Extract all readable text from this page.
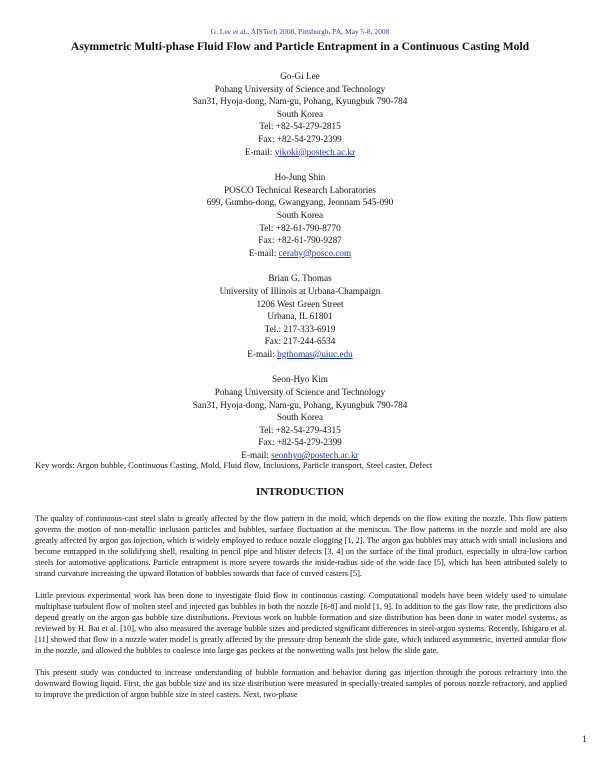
G. Lee et al., AISTech 2008, Pittsburgh, PA, May 5-8, 2008
Asymmetric Multi-phase Fluid Flow and Particle Entrapment in a Continuous Casting Mold
Go-Gi Lee
Pohang University of Science and Technology
San31, Hyoja-dong, Nam-gu, Pohang, Kyungbuk 790-784
South Korea
Tel: +82-54-279-2815
Fax: +82-54-279-2399
E-mail: yikoki@postech.ac.kr
Ho-Jung Shin
POSCO Technical Research Laboratories
699, Gumho-dong, Gwangyang, Jeonnam 545-090
South Korea
Tel: +82-61-790-8770
Fax: +82-61-790-9287
E-mail: ceraby@posco.com
Brian G. Thomas
University of Illinois at Urbana-Champaign
1206 West Green Street
Urbana, IL 61801
Tel.: 217-333-6919
Fax: 217-244-6534
E-mail: bgthomas@uiuc.edu
Seon-Hyo Kim
Pohang University of Science and Technology
San31, Hyoja-dong, Nam-gu, Pohang, Kyungbuk 790-784
South Korea
Tel: +82-54-279-4315
Fax: +82-54-279-2399
E-mail: seonhyo@postech.ac.kr
Key words: Argon bubble, Continuous Casting, Mold, Fluid flow, Inclusions, Particle transport, Steel caster, Defect
INTRODUCTION

The quality of continuous-cast steel slabs is greatly affected by the flow pattern in the mold, which depends on the flow exiting the nozzle. This flow pattern governs the motion of non-metallic inclusion particles and bubbles, surface fluctuation at the meniscus. The flow patterns in the nozzle and mold are also greatly affected by argon gas injection, which is widely employed to reduce nozzle clogging [1, 2]. The argon gas bubbles may attach with small inclusions and become entrapped in the solidifying shell, resulting in pencil pipe and blister defects [3, 4] on the surface of the final product, especially in ultra-low carbon steels for automotive applications. Particle entrapment is more severe towards the inside-radius side of the wide face [5], which has been attributed solely to strand curvature increasing the upward flotation of bubbles towards that face of curved casters [5].

Little previous experimental work has been done to investigate fluid flow in continuous casting. Computational models have been widely used to simulate multiphase turbulent flow of molten steel and injected gas bubbles in both the nozzle [6-8] and mold [1, 9]. In addition to the gas flow rate, the predictions also depend greatly on the argon gas bubble size distributions. Previous work on bubble formation and size distribution has been done in water model systems, as reviewed by H. Bai et al. [10], who also measured the average bubble sizes and predicted significant differences in steel-argon systems. Recently, Ishigaro et al. [11] showed that flow in a nozzle water model is greatly affected by the pressure drop beneath the slide gate, which induced asymmetric, inverted annular flow in the nozzle, and allowed the bubbles to coalesce into large gas pockets at the nonwetting walls just below the slide gate.

This present study was conducted to increase understanding of bubble formation and behavior during gas injection through the porous refractory into the downward flowing liquid. First, the gas bubble size and its size distribution were measured in specially-treated samples of porous nozzle refractory, and applied to improve the prediction of argon bubble size in steel casters. Next, two-phase

1
